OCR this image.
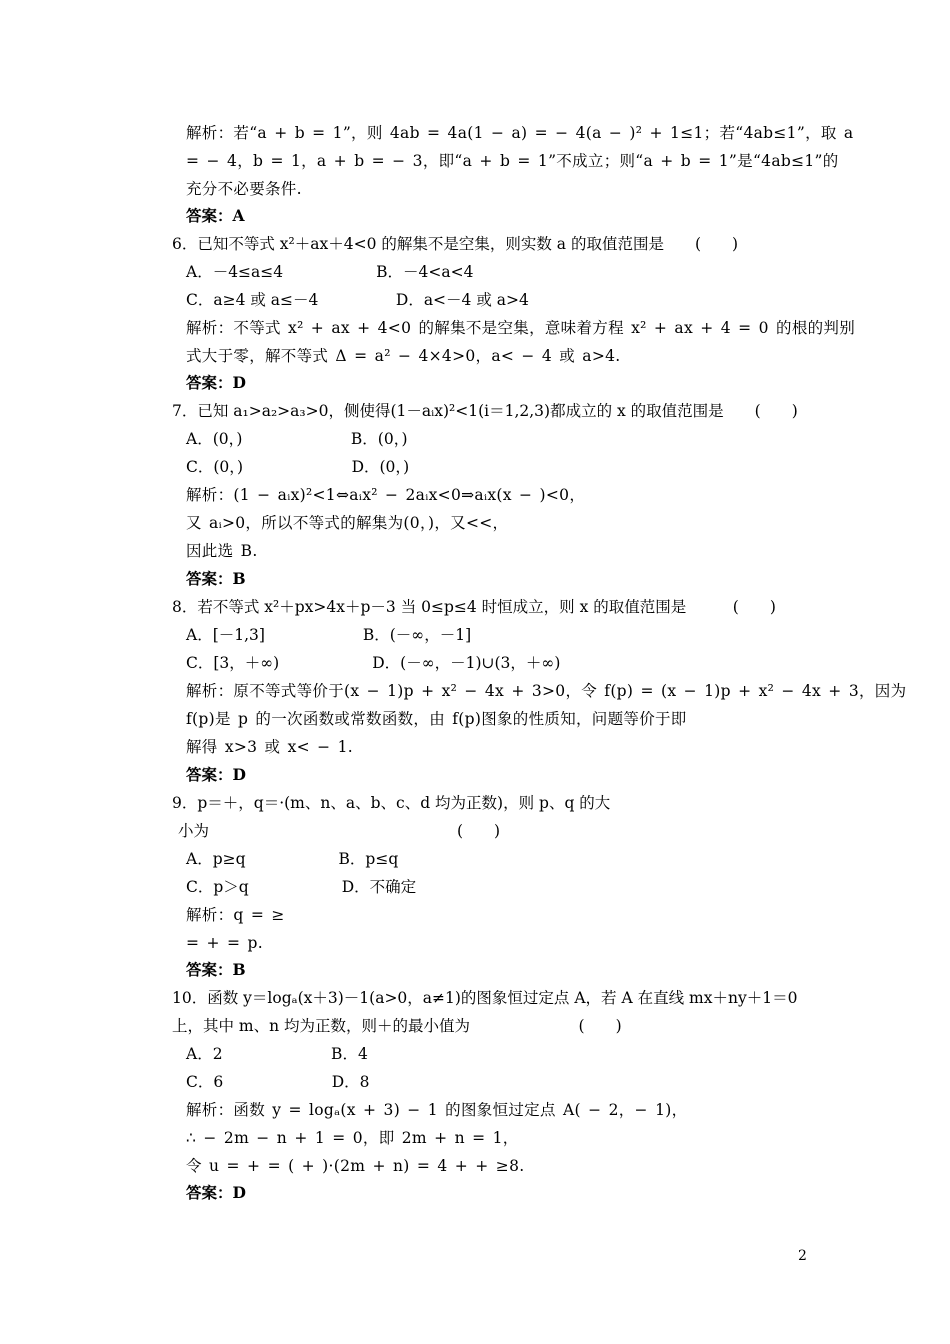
解析：若“a + b = 1”，则 4ab = 4a(1 − a) = − 4(a − )² + 1≤1；若“4ab≤1”，取 a
= − 4，b = 1，a + b = − 3，即“a + b = 1”不成立；则“a + b = 1”是“4ab≤1”的
充分不必要条件.
答案：A
6．已知不等式 x²＋ax＋4<0 的解集不是空集，则实数 a 的取值范围是　　(　　)
A．－4≤a≤4　　　　　　B．－4<a<4
C．a≥4 或 a≤－4　　　　　D．a<－4 或 a>4
解析：不等式 x² + ax + 4<0 的解集不是空集，意味着方程 x² + ax + 4 = 0 的根的判别
式大于零，解不等式 Δ = a² − 4×4>0，a< − 4 或 a>4.
答案：D
7．已知 a₁>a₂>a₃>0，侧使得(1－aᵢx)²<1(i＝1,2,3)都成立的 x 的取值范围是　　(　　)
A．(0，)　　　　　　　B．(0，)
C．(0，)　　　　　　　D．(0，)
解析：(1 − aᵢx)²<1⇔aᵢx² − 2aᵢx<0⇒aᵢx(x − )<0，
又 aᵢ>0，所以不等式的解集为(0，)，又<<，
因此选 B.
答案：B
8．若不等式 x²＋px>4x＋p－3 当 0≤p≤4 时恒成立，则 x 的取值范围是　　　(　　)
A．[－1,3]　　　　　　 B．(－∞，－1]
C．[3，＋∞)　　　　　　D．(－∞，－1)∪(3，＋∞)
解析：原不等式等价于(x − 1)p + x² − 4x + 3>0，令 f(p) = (x − 1)p + x² − 4x + 3，因为
f(p)是 p 的一次函数或常数函数，由 f(p)图象的性质知，问题等价于即
解得 x>3 或 x< − 1.
答案：D
9．p＝＋，q＝·(m、n、a、b、c、d 均为正数)，则 p、q 的大
小为　　　　　　　　　　　　　　　　(　　)
A．p≥q　　　　　　B．p≤q
C．p＞q　　　　　　D．不确定
解析：q = ≥
= + = p.
答案：B
10．函数 y＝logₐ(x＋3)－1(a>0，a≠1)的图象恒过定点 A，若 A 在直线 mx＋ny＋1＝0
上，其中 m、n 均为正数，则＋的最小值为　　　　　　　(　　)
A．2　　　　　　　B．4
C．6　　　　　　　D．8
解析：函数 y = logₐ(x + 3) − 1 的图象恒过定点 A( − 2，− 1)，
∴ − 2m − n + 1 = 0，即 2m + n = 1，
令 u = + = ( + )·(2m + n) = 4 + + ≥8.
答案：D
2
